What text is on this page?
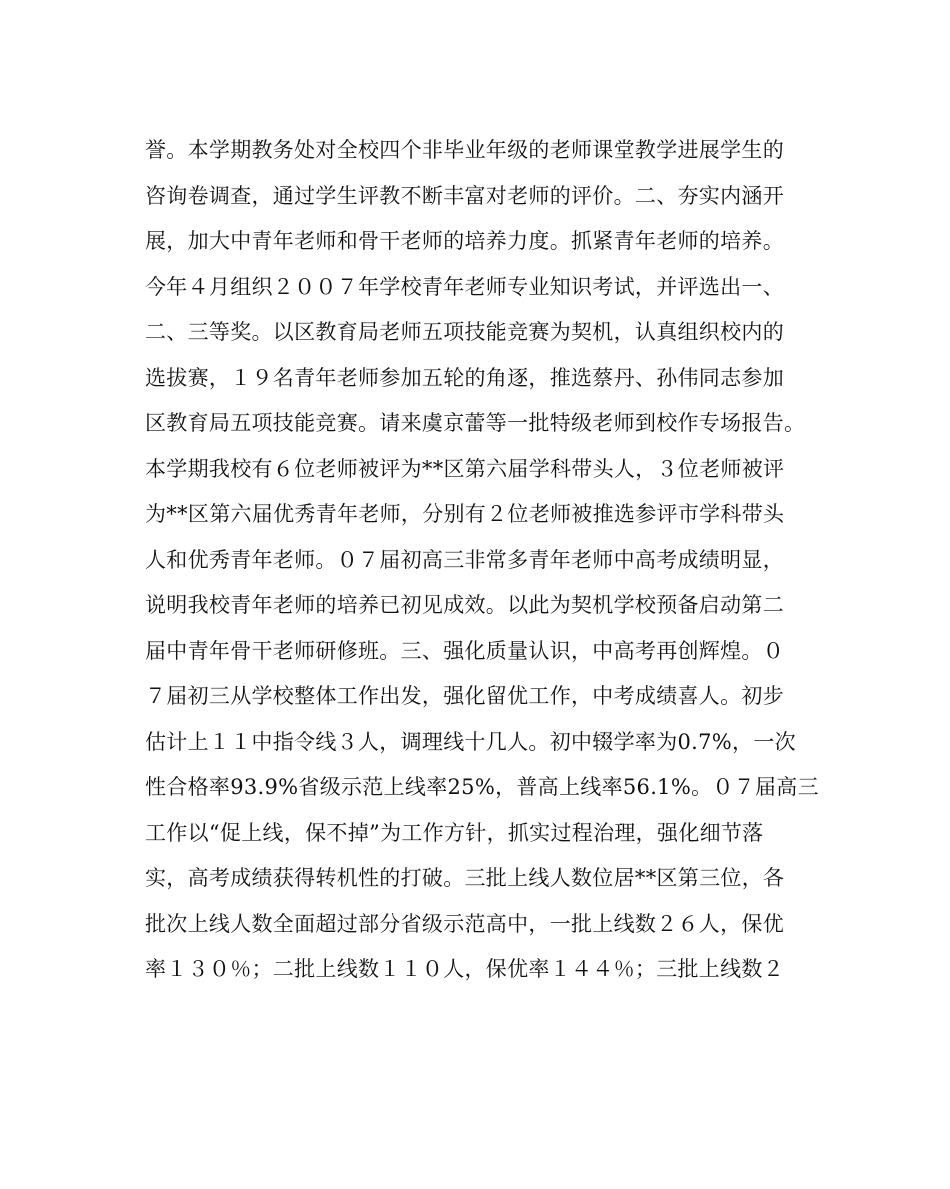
誉。本学期教务处对全校四个非毕业年级的老师课堂教学进展学生的
咨询卷调查，通过学生评教不断丰富对老师的评价。二、夯实内涵开
展，加大中青年老师和骨干老师的培养力度。抓紧青年老师的培养。
今年４月组织２００７年学校青年老师专业知识考试，并评选出一、
二、三等奖。以区教育局老师五项技能竞赛为契机，认真组织校内的
选拔赛，１９名青年老师参加五轮的角逐，推选蔡丹、孙伟同志参加
区教育局五项技能竞赛。请来虞京蕾等一批特级老师到校作专场报告。
本学期我校有６位老师被评为**区第六届学科带头人，３位老师被评
为**区第六届优秀青年老师，分别有２位老师被推选参评市学科带头
人和优秀青年老师。０７届初高三非常多青年老师中高考成绩明显，
说明我校青年老师的培养已初见成效。以此为契机学校预备启动第二
届中青年骨干老师研修班。三、强化质量认识，中高考再创辉煌。０
７届初三从学校整体工作出发，强化留优工作，中考成绩喜人。初步
估计上１１中指令线３人，调理线十几人。初中辍学率为0.7%，一次
性合格率93.9%省级示范上线率25%，普高上线率56.1%。０７届高三
工作以“促上线，保不掉”为工作方针，抓实过程治理，强化细节落
实，高考成绩获得转机性的打破。三批上线人数位居**区第三位，各
批次上线人数全面超过部分省级示范高中，一批上线数２６人，保优
率１３０％；二批上线数１１０人，保优率１４４％；三批上线数２
